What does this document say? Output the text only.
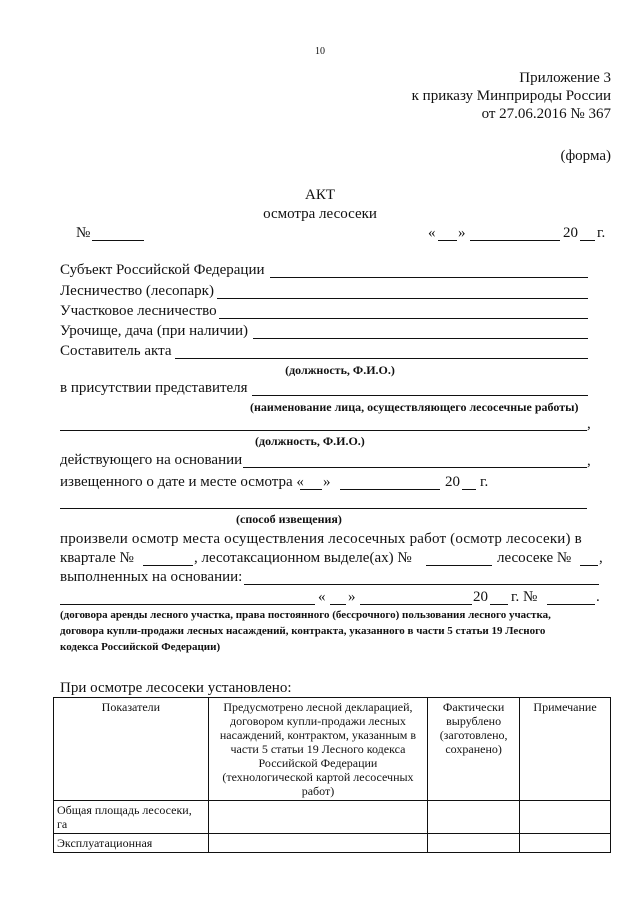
10
Приложение 3
к приказу Минприроды России
от 27.06.2016 № 367
(форма)
АКТ
осмотра лесосеки
№	« »	20 г.
Субъект Российской Федерации
Лесничество (лесопарк)
Участковое лесничество
Урочище, дача (при наличии)
Составитель акта
(должность, Ф.И.О.)
в присутствии представителя
(наименование лица, осуществляющего лесосечные работы)
,
(должность, Ф.И.О.)
действующего на основании	,
извещенного о дате и месте осмотра « »	20 г.
(способ извещения)
произвели осмотр места осуществления лесосечных работ (осмотр лесосеки) в
квартале №	, лесотаксационном выделе(ах) №	лесосеке № ,
выполненных на основании:
« »	20 г. №	.
(договора аренды лесного участка, права постоянного (бессрочного) пользования лесного участка,
договора купли-продажи лесных насаждений, контракта, указанного в части 5 статьи 19 Лесного
кодекса Российской Федерации)
При осмотре лесосеки установлено:
Показатели	Предусмотрено лесной декларацией, договором купли-продажи лесных насаждений, контрактом, указанным в части 5 статьи 19 Лесного кодекса Российской Федерации (технологической картой лесосечных работ)	Фактически вырублено (заготовлено, сохранено)	Примечание
Общая площадь лесосеки, га			
Эксплуатационная			
